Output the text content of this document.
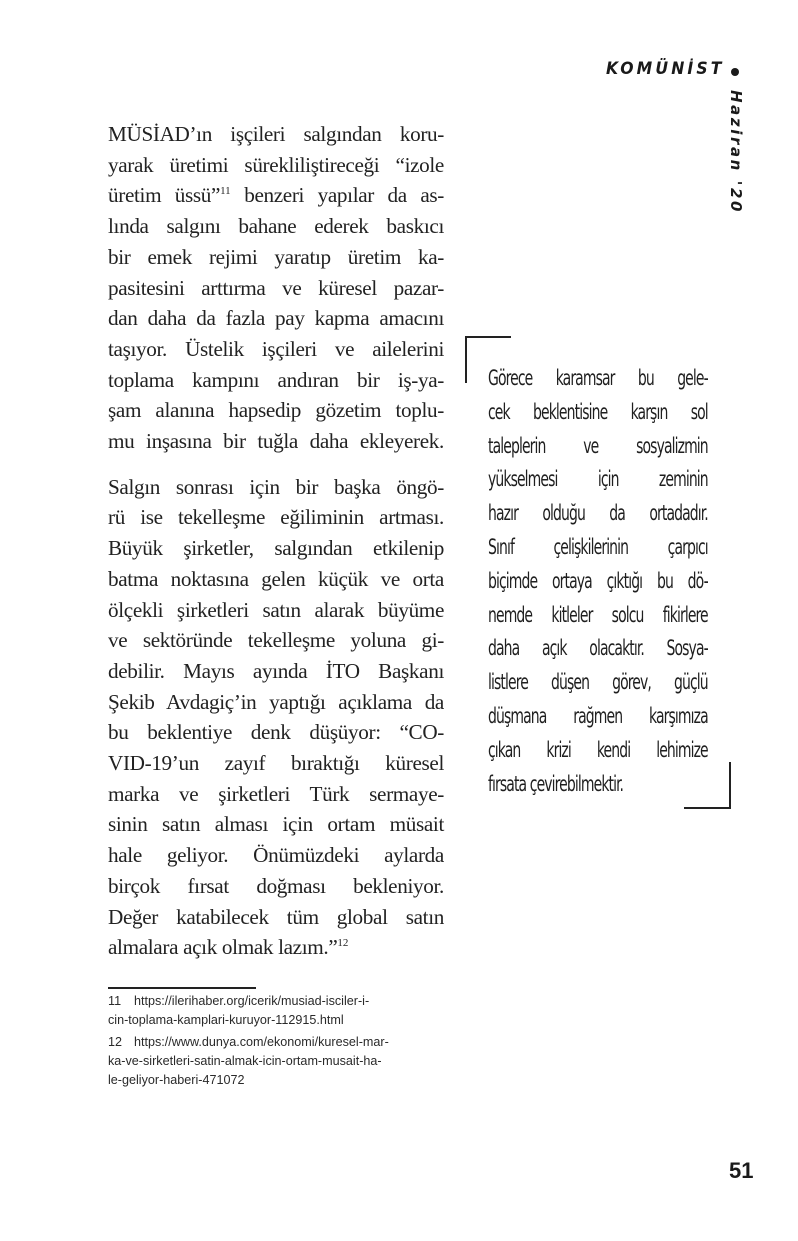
KOMÜNİST
Haziran '20

MÜSİAD’ın işçileri salgından koru-
yarak üretimi sürekliliştireceği “izole
üretim üssü”$^{11}$ benzeri yapılar da as-
lında salgını bahane ederek baskıcı
bir emek rejimi yaratıp üretim ka-
pasitesini arttırma ve küresel pazar-
dan daha da fazla pay kapma amacını
taşıyor. Üstelik işçileri ve ailelerini
toplama kampını andıran bir iş-ya-
şam alanına hapsedip gözetim toplu-
mu inşasına bir tuğla daha ekleyerek.

Salgın sonrası için bir başka öngö-
rü ise tekelleşme eğiliminin artması.
Büyük şirketler, salgından etkilenip
batma noktasına gelen küçük ve orta
ölçekli şirketleri satın alarak büyüme
ve sektöründe tekelleşme yoluna gi-
debilir. Mayıs ayında İTO Başkanı
Şekib Avdagiç’in yaptığı açıklama da
bu beklentiye denk düşüyor: “CO-
VID-19’un zayıf bıraktığı küresel
marka ve şirketleri Türk sermaye-
sinin satın alması için ortam müsait
hale geliyor. Önümüzdeki aylarda
birçok fırsat doğması bekleniyor.
Değer katabilecek tüm global satın
almalara açık olmak lazım.”$^{12}$

Görece karamsar bu gele-
cek beklentisine karşın sol
taleplerin ve sosyalizmin
yükselmesi için zeminin
hazır olduğu da ortadadır.
Sınıf çelişkilerinin çarpıcı
biçimde ortaya çıktığı bu dö-
nemde kitleler solcu fikirlere
daha açık olacaktır. Sosya-
listlere düşen görev, güçlü
düşmana rağmen karşımıza
çıkan krizi kendi lehimize
fırsata çevirebilmektir.
11 https://ilerihaber.org/icerik/musiad-isciler-i-
cin-toplama-kamplari-kuruyor-112915.html
12 https://www.dunya.com/ekonomi/kuresel-mar-
ka-ve-sirketleri-satin-almak-icin-ortam-musait-ha-
le-geliyor-haberi-471072
51
